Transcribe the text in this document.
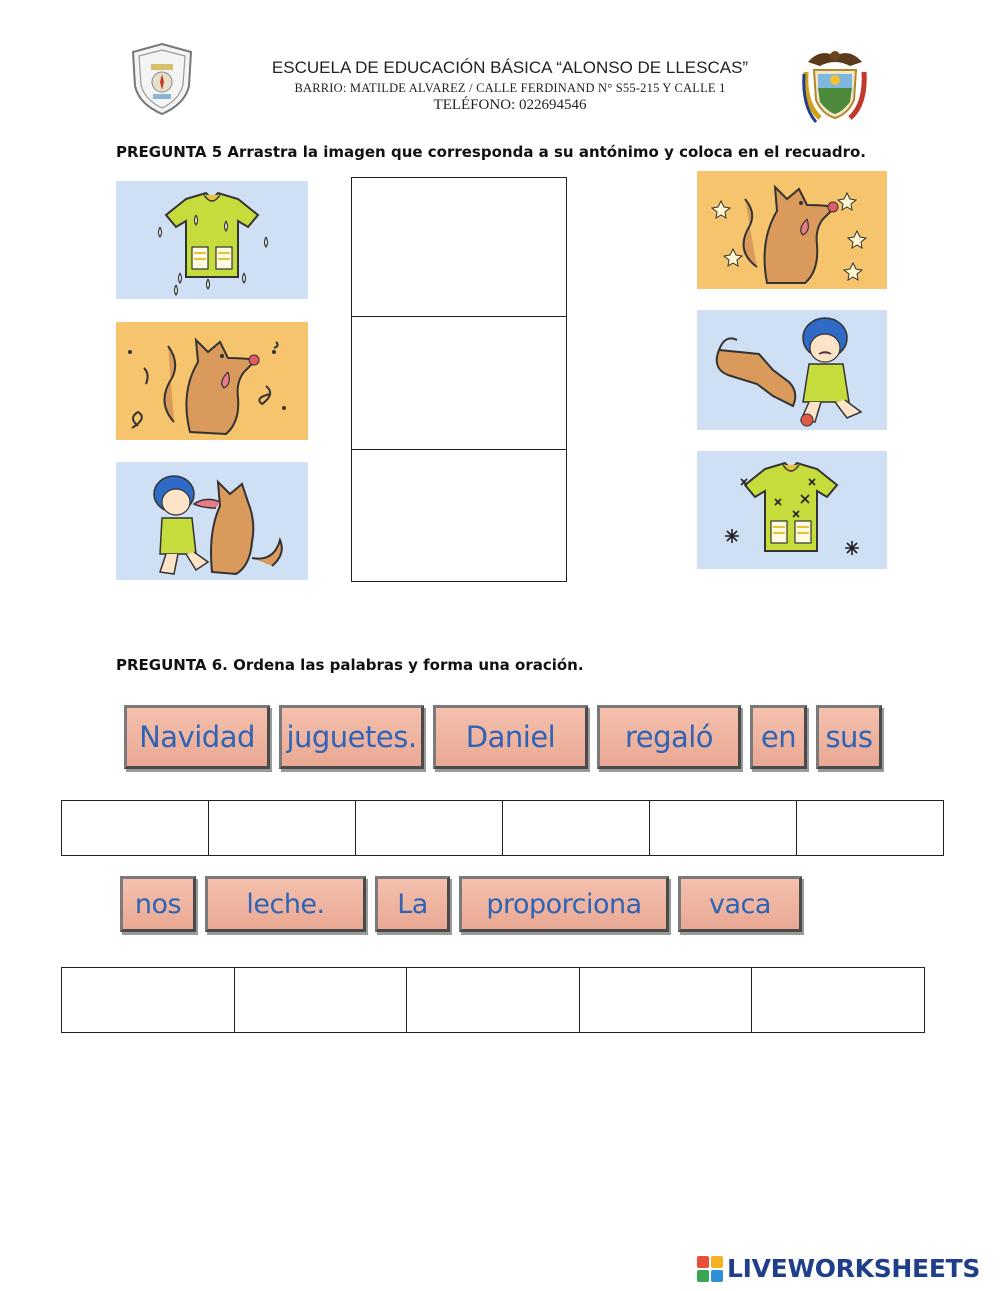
ESCUELA DE EDUCACIÓN BÁSICA “ALONSO DE LLESCAS”
BARRIO: MATILDE ALVAREZ / CALLE FERDINAND N° S55-215 Y CALLE 1
TELÉFONO: 022694546
PREGUNTA 5 Arrastra la imagen que corresponda a su antónimo y coloca en el recuadro.
PREGUNTA 6. Ordena las palabras y forma una oración.
Navidad	juguetes.	Daniel	regaló	en	sus
nos	leche.	La	proporciona	vaca
LIVEWORKSHEETS
